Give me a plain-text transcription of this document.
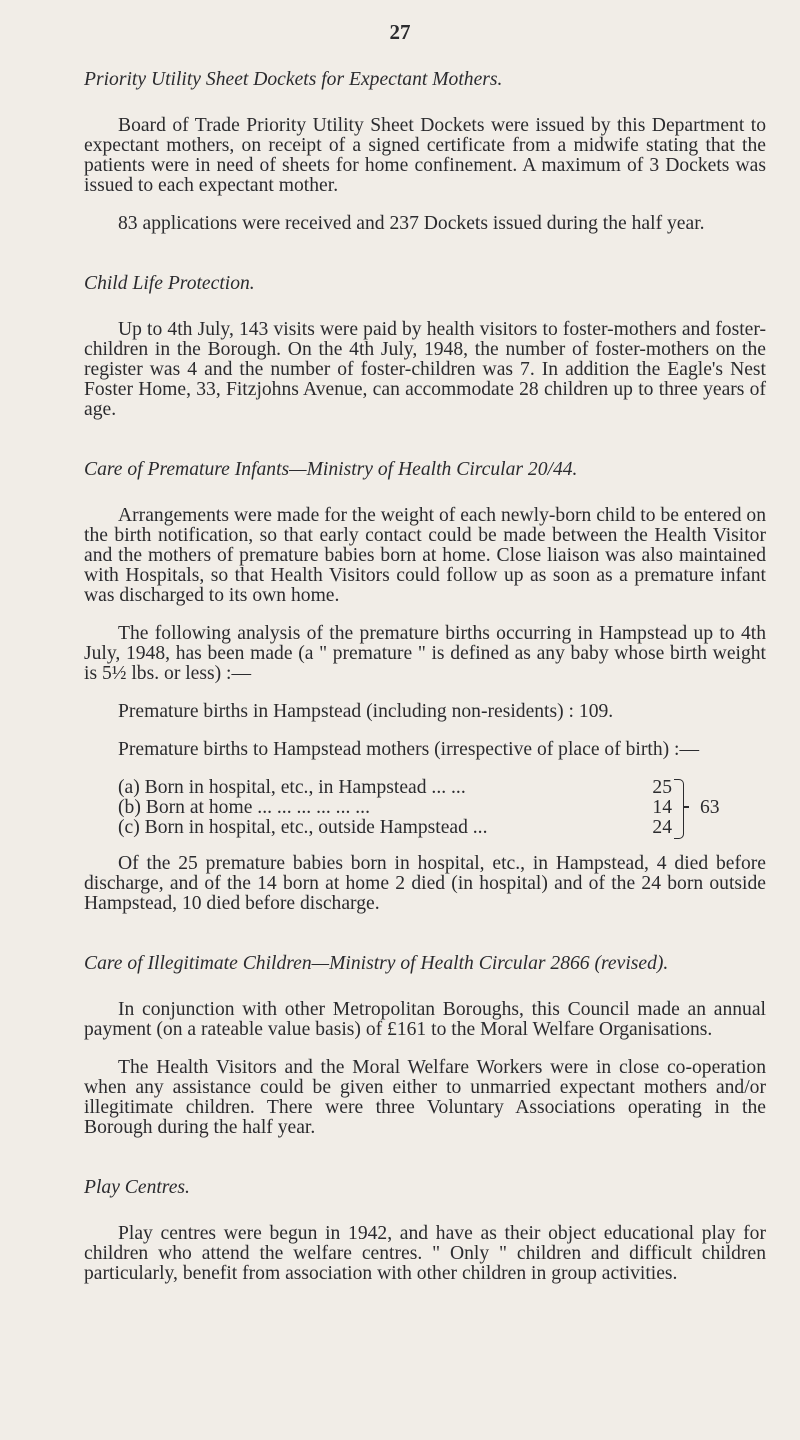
27
Priority Utility Sheet Dockets for Expectant Mothers.

Board of Trade Priority Utility Sheet Dockets were issued by this Department to expectant mothers, on receipt of a signed certificate from a midwife stating that the patients were in need of sheets for home confinement. A maximum of 3 Dockets was issued to each expectant mother.

83 applications were received and 237 Dockets issued during the half year.

Child Life Protection.

Up to 4th July, 143 visits were paid by health visitors to foster-mothers and foster-children in the Borough. On the 4th July, 1948, the number of foster-mothers on the register was 4 and the number of foster-children was 7. In addition the Eagle's Nest Foster Home, 33, Fitzjohns Avenue, can accommodate 28 children up to three years of age.

Care of Premature Infants—Ministry of Health Circular 20/44.

Arrangements were made for the weight of each newly-born child to be entered on the birth notification, so that early contact could be made between the Health Visitor and the mothers of premature babies born at home. Close liaison was also maintained with Hospitals, so that Health Visitors could follow up as soon as a premature infant was discharged to its own home.

The following analysis of the premature births occurring in Hampstead up to 4th July, 1948, has been made (a " premature " is defined as any baby whose birth weight is 5½ lbs. or less) :—

Premature births in Hampstead (including non-residents) : 109.

Premature births to Hampstead mothers (irrespective of place of birth) :—

(a) Born in hospital, etc., in Hampstead ... ...	25
(b) Born at home ... ... ... ... ... ...	14
(c) Born in hospital, etc., outside Hampstead ...	24
63

Of the 25 premature babies born in hospital, etc., in Hampstead, 4 died before discharge, and of the 14 born at home 2 died (in hospital) and of the 24 born outside Hampstead, 10 died before discharge.

Care of Illegitimate Children—Ministry of Health Circular 2866 (revised).

In conjunction with other Metropolitan Boroughs, this Council made an annual payment (on a rateable value basis) of £161 to the Moral Welfare Organisations.

The Health Visitors and the Moral Welfare Workers were in close co-operation when any assistance could be given either to unmarried expectant mothers and/or illegitimate children. There were three Voluntary Associations operating in the Borough during the half year.

Play Centres.

Play centres were begun in 1942, and have as their object educational play for children who attend the welfare centres. " Only " children and difficult children particularly, benefit from association with other children in group activities.
